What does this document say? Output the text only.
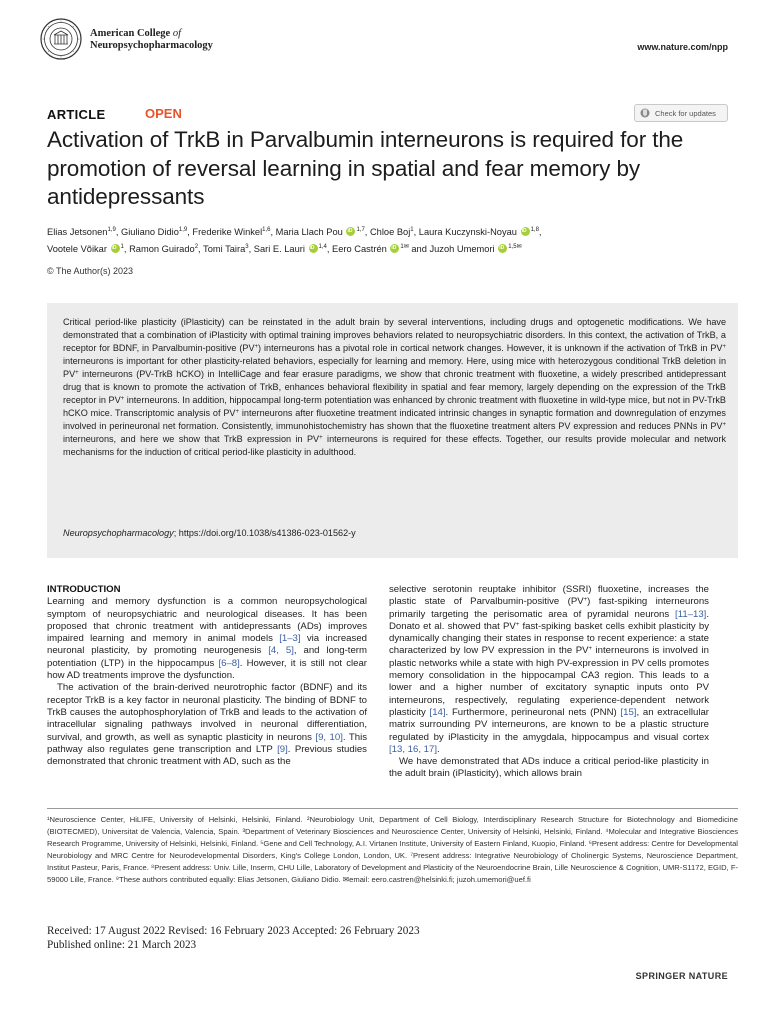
American College of
Neuropsychopharmacology	www.nature.com/npp
ARTICLE	OPEN	Check for updates
Activation of TrkB in Parvalbumin interneurons is required for the promotion of reversal learning in spatial and fear memory by antidepressants
Elias Jetsonen$^{1,9}$, Giuliano Didio$^{1,9}$, Frederike Winkel$^{1,6}$, Maria Llach Pou iD $^{1,7}$, Chloe Boj$^1$, Laura Kuczynski-Noyau iD $^{1,8}$,
Vootele Võikar iD $^1$, Ramon Guirado$^2$, Tomi Taira$^3$, Sari E. Lauri iD $^{1,4}$, Eero Castrén iD $^{1✉}$ and Juzoh Umemori iD $^{1,5✉}$
© The Author(s) 2023

Critical period-like plasticity (iPlasticity) can be reinstated in the adult brain by several interventions, including drugs and optogenetic modifications. We have demonstrated that a combination of iPlasticity with optimal training improves behaviors related to neuropsychiatric disorders. In this context, the activation of TrkB, a receptor for BDNF, in Parvalbumin-positive (PV+) interneurons has a pivotal role in cortical network changes. However, it is unknown if the activation of TrkB in PV+ interneurons is important for other plasticity-related behaviors, especially for learning and memory. Here, using mice with heterozygous conditional TrkB deletion in PV+ interneurons (PV-TrkB hCKO) in IntelliCage and fear erasure paradigms, we show that chronic treatment with fluoxetine, a widely prescribed antidepressant drug that is known to promote the activation of TrkB, enhances behavioral flexibility in spatial and fear memory, largely depending on the expression of the TrkB receptor in PV+ interneurons. In addition, hippocampal long-term potentiation was enhanced by chronic treatment with fluoxetine in wild-type mice, but not in PV-TrkB hCKO mice. Transcriptomic analysis of PV+ interneurons after fluoxetine treatment indicated intrinsic changes in synaptic formation and downregulation of enzymes involved in perineuronal net formation. Consistently, immunohistochemistry has shown that the fluoxetine treatment alters PV expression and reduces PNNs in PV+ interneurons, and here we show that TrkB expression in PV+ interneurons is required for these effects. Together, our results provide molecular and network mechanisms for the induction of critical period-like plasticity in adulthood.

Neuropsychopharmacology; https://doi.org/10.1038/s41386-023-01562-y
INTRODUCTION

Learning and memory dysfunction is a common neuropsychological symptom of neuropsychiatric and neurological diseases. It has been proposed that chronic treatment with antidepressants (ADs) improves impaired learning and memory in animal models [1–3] via increased neuronal plasticity, by promoting neurogenesis [4, 5], and long-term potentiation (LTP) in the hippocampus [6–8]. However, it is still not clear how AD treatments improve the dysfunction.

The activation of the brain-derived neurotrophic factor (BDNF) and its receptor TrkB is a key factor in neuronal plasticity. The binding of BDNF to TrkB causes the autophosphorylation of TrkB and leads to the activation of intracellular signaling pathways involved in neuronal differentiation, survival, and growth, as well as synaptic plasticity in neurons [9, 10]. This pathway also regulates gene transcription and LTP [9]. Previous studies demonstrated that chronic treatment with AD, such as the

selective serotonin reuptake inhibitor (SSRI) fluoxetine, increases the plastic state of Parvalbumin-positive (PV+) fast-spiking interneurons primarily targeting the perisomatic area of pyramidal neurons [11–13]. Donato et al. showed that PV+ fast-spiking basket cells exhibit plasticity by dynamically changing their states in response to recent experience: a state characterized by low PV expression in the PV+ interneurons is involved in plastic networks while a state with high PV-expression in PV cells promotes memory consolidation in the hippocampal CA3 region. This leads to a lower and a higher number of excitatory synaptic inputs onto PV interneurons, respectively, regulating experience-dependent network plasticity [14]. Furthermore, perineuronal nets (PNN) [15], an extracellular matrix surrounding PV interneurons, are known to be a plastic structure regulated by iPlasticity in the amygdala, hippocampus and visual cortex [13, 16, 17].

We have demonstrated that ADs induce a critical period-like plasticity in the adult brain (iPlasticity), which allows brain

¹Neuroscience Center, HiLIFE, University of Helsinki, Helsinki, Finland. ²Neurobiology Unit, Department of Cell Biology, Interdisciplinary Research Structure for Biotechnology and Biomedicine (BIOTECMED), Universitat de Valencia, Valencia, Spain. ³Department of Veterinary Biosciences and Neuroscience Center, University of Helsinki, Helsinki, Finland. ⁴Molecular and Integrative Biosciences Research Programme, University of Helsinki, Helsinki, Finland. ⁵Gene and Cell Technology, A.I. Virtanen Institute, University of Eastern Finland, Kuopio, Finland. ⁶Present address: Centre for Developmental Neurobiology and MRC Centre for Neurodevelopmental Disorders, King's College London, London, UK. ⁷Present address: Integrative Neurobiology of Cholinergic Systems, Neuroscience Department, Institut Pasteur, Paris, France. ⁸Present address: Univ. Lille, Inserm, CHU Lille, Laboratory of Development and Plasticity of the Neuroendocrine Brain, Lille Neuroscience & Cognition, UMR-S1172, EGID, F-59000 Lille, France. ⁹These authors contributed equally: Elias Jetsonen, Giuliano Didio. ✉email: eero.castren@helsinki.fi; juzoh.umemori@uef.fi
Received: 17 August 2022 Revised: 16 February 2023 Accepted: 26 February 2023
Published online: 21 March 2023
SPRINGER NATURE
